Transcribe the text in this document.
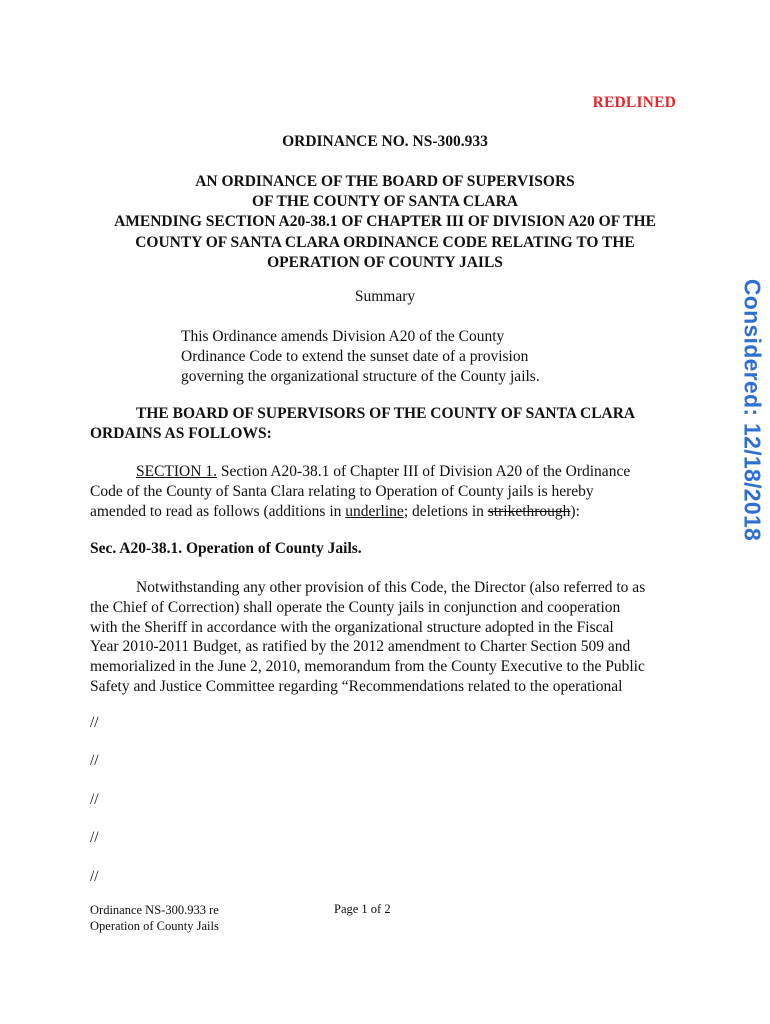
REDLINED

ORDINANCE NO. NS-300.933

AN ORDINANCE OF THE BOARD OF SUPERVISORS
OF THE COUNTY OF SANTA CLARA
AMENDING SECTION A20-38.1 OF CHAPTER III OF DIVISION A20 OF THE
COUNTY OF SANTA CLARA ORDINANCE CODE RELATING TO THE
OPERATION OF COUNTY JAILS

Summary

This Ordinance amends Division A20 of the County
Ordinance Code to extend the sunset date of a provision
governing the organizational structure of the County jails.
THE BOARD OF SUPERVISORS OF THE COUNTY OF SANTA CLARA
ORDAINS AS FOLLOWS:
SECTION 1. Section A20-38.1 of Chapter III of Division A20 of the Ordinance
Code of the County of Santa Clara relating to Operation of County jails is hereby
amended to read as follows (additions in underline; deletions in strikethrough):

Sec. A20-38.1. Operation of County Jails.

Notwithstanding any other provision of this Code, the Director (also referred to as
the Chief of Correction) shall operate the County jails in conjunction and cooperation
with the Sheriff in accordance with the organizational structure adopted in the Fiscal
Year 2010-2011 Budget, as ratified by the 2012 amendment to Charter Section 509 and
memorialized in the June 2, 2010, memorandum from the County Executive to the Public
Safety and Justice Committee regarding “Recommendations related to the operational

//

//

//

//

//

Ordinance NS-300.933 re
Operation of County Jails

Page 1 of 2

Considered: 12/18/2018
